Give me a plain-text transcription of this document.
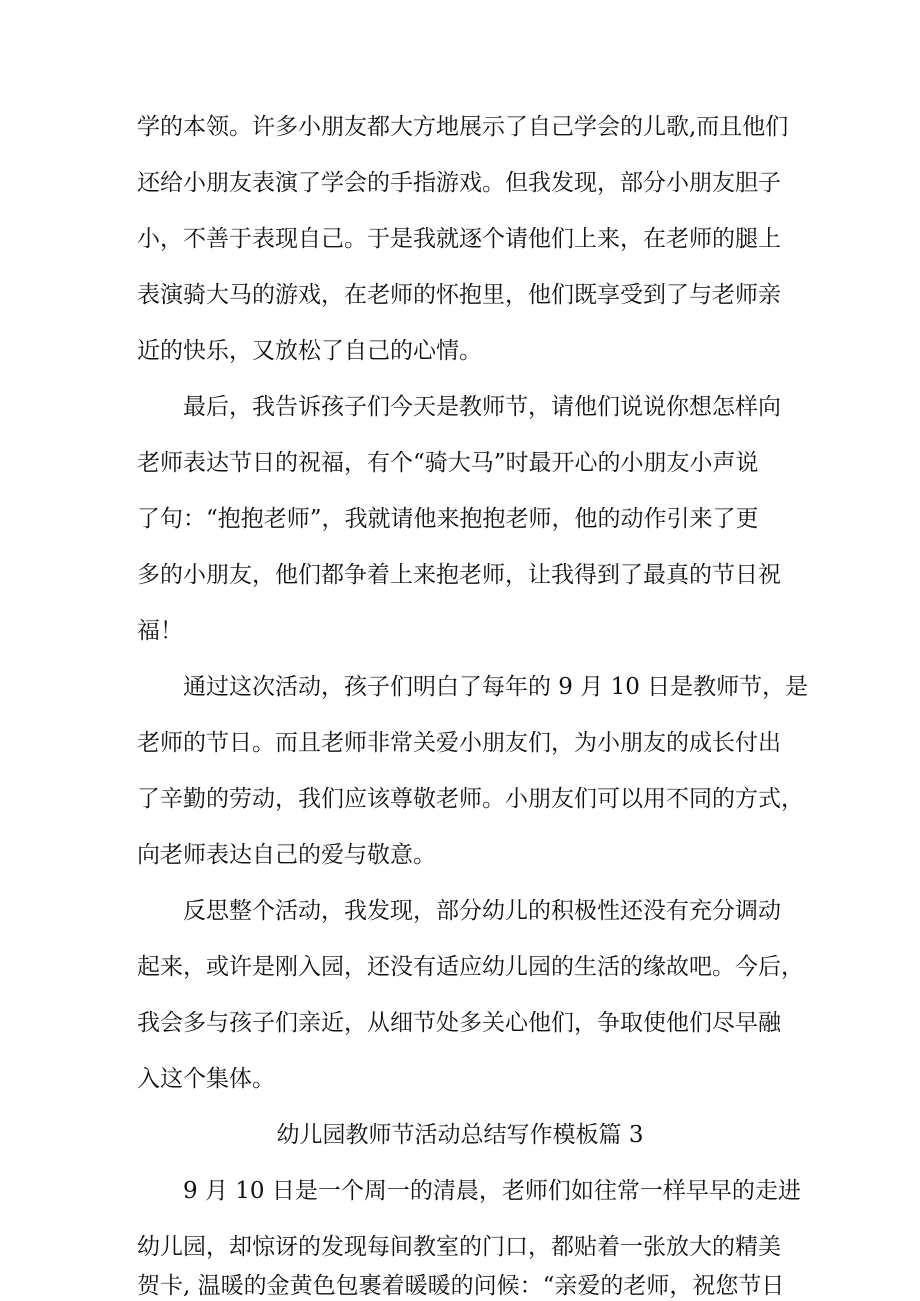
学的本领。许多小朋友都大方地展示了自己学会的儿歌,而且他们
还给小朋友表演了学会的手指游戏。但我发现，部分小朋友胆子
小，不善于表现自己。于是我就逐个请他们上来，在老师的腿上
表演骑大马的游戏，在老师的怀抱里，他们既享受到了与老师亲
近的快乐，又放松了自己的心情。
最后，我告诉孩子们今天是教师节，请他们说说你想怎样向
老师表达节日的祝福，有个“骑大马”时最开心的小朋友小声说
了句：“抱抱老师”，我就请他来抱抱老师，他的动作引来了更
多的小朋友，他们都争着上来抱老师，让我得到了最真的节日祝
福！
通过这次活动，孩子们明白了每年的 9 月 10 日是教师节，是
老师的节日。而且老师非常关爱小朋友们，为小朋友的成长付出
了辛勤的劳动，我们应该尊敬老师。小朋友们可以用不同的方式，
向老师表达自己的爱与敬意。
反思整个活动，我发现，部分幼儿的积极性还没有充分调动
起来，或许是刚入园，还没有适应幼儿园的生活的缘故吧。今后，
我会多与孩子们亲近，从细节处多关心他们，争取使他们尽早融
入这个集体。
幼儿园教师节活动总结写作模板篇 3
9 月 10 日是一个周一的清晨，老师们如往常一样早早的走进
幼儿园，却惊讶的发现每间教室的门口，都贴着一张放大的精美
贺卡, 温暖的金黄色包裹着暖暖的问候：“亲爱的老师，祝您节日
